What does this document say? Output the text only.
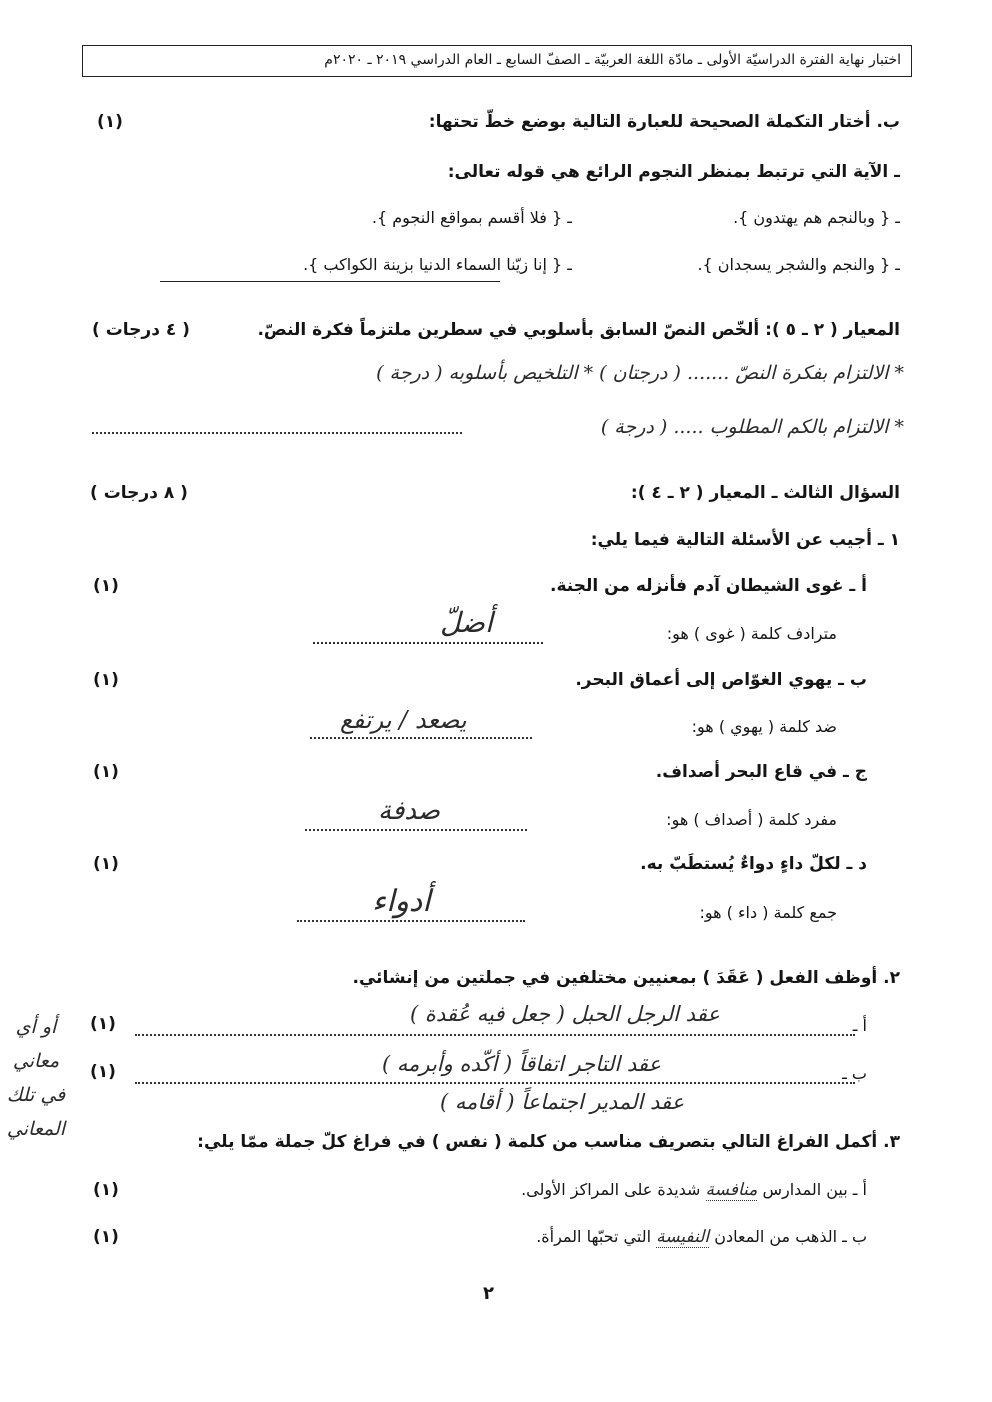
اختبار نهاية الفترة الدراسيّة الأولى ـ مادّة اللغة العربيّة ـ الصفّ السابع ـ العام الدراسي ٢٠١٩ ـ ٢٠٢٠م
ب. أختار التكملة الصحيحة للعبارة التالية بوضع خطّ تحتها:
(١)
ـ الآية التي ترتبط بمنظر النجوم الرائع هي قوله تعالى:
ـ { وبالنجم هم يهتدون }.
ـ { فلا أقسم بمواقع النجوم }.
ـ { والنجم والشجر يسجدان }.
ـ { إنا زيّنا السماء الدنيا بزينة الكواكب }.
المعيار ( ٢ ـ ٥ ): ألخّص النصّ السابق بأسلوبي في سطرين ملتزماً فكرة النصّ.
( ٤ درجات )
* الالتزام بفكرة النصّ ....... ( درجتان ) * التلخيص بأسلوبه ( درجة )
* الالتزام بالكم المطلوب ..... ( درجة )
السؤال الثالث ـ المعيار ( ٢ ـ ٤ ):
( ٨ درجات )
١ ـ أجيب عن الأسئلة التالية فيما يلي:
أ ـ غوى الشيطان آدم فأنزله من الجنة.
(١)
مترادف كلمة ( غوى ) هو:
أضلّ
ب ـ يهوي الغوّاص إلى أعماق البحر.
(١)
ضد كلمة ( يهوي ) هو:
يصعد / يرتفع
ج ـ في قاع البحر أصداف.
(١)
مفرد كلمة ( أصداف ) هو:
صدفة
د ـ لكلّ داءٍ دواءٌ يُستطَبّ به.
(١)
جمع كلمة ( داء ) هو:
أدواء
٢. أوظف الفعل ( عَقَدَ ) بمعنيين مختلفين في جملتين من إنشائي.
أ ـ
عقد الرجل الحبل ( جعل فيه عُقدة )
(١)
ب ـ
عقد التاجر اتفاقاً ( أكّده وأبرمه )
عقد المدير اجتماعاً ( أقامه )
(١)
أو أي معاني في تلك المعاني
٣. أكمل الفراغ التالي بتصريف مناسب من كلمة ( نفس ) في فراغ كلّ جملة ممّا يلي:
أ ـ بين المدارس منافسة شديدة على المراكز الأولى.
(١)
ب ـ الذهب من المعادن النفيسة التي تحبّها المرأة.
(١)
٢
